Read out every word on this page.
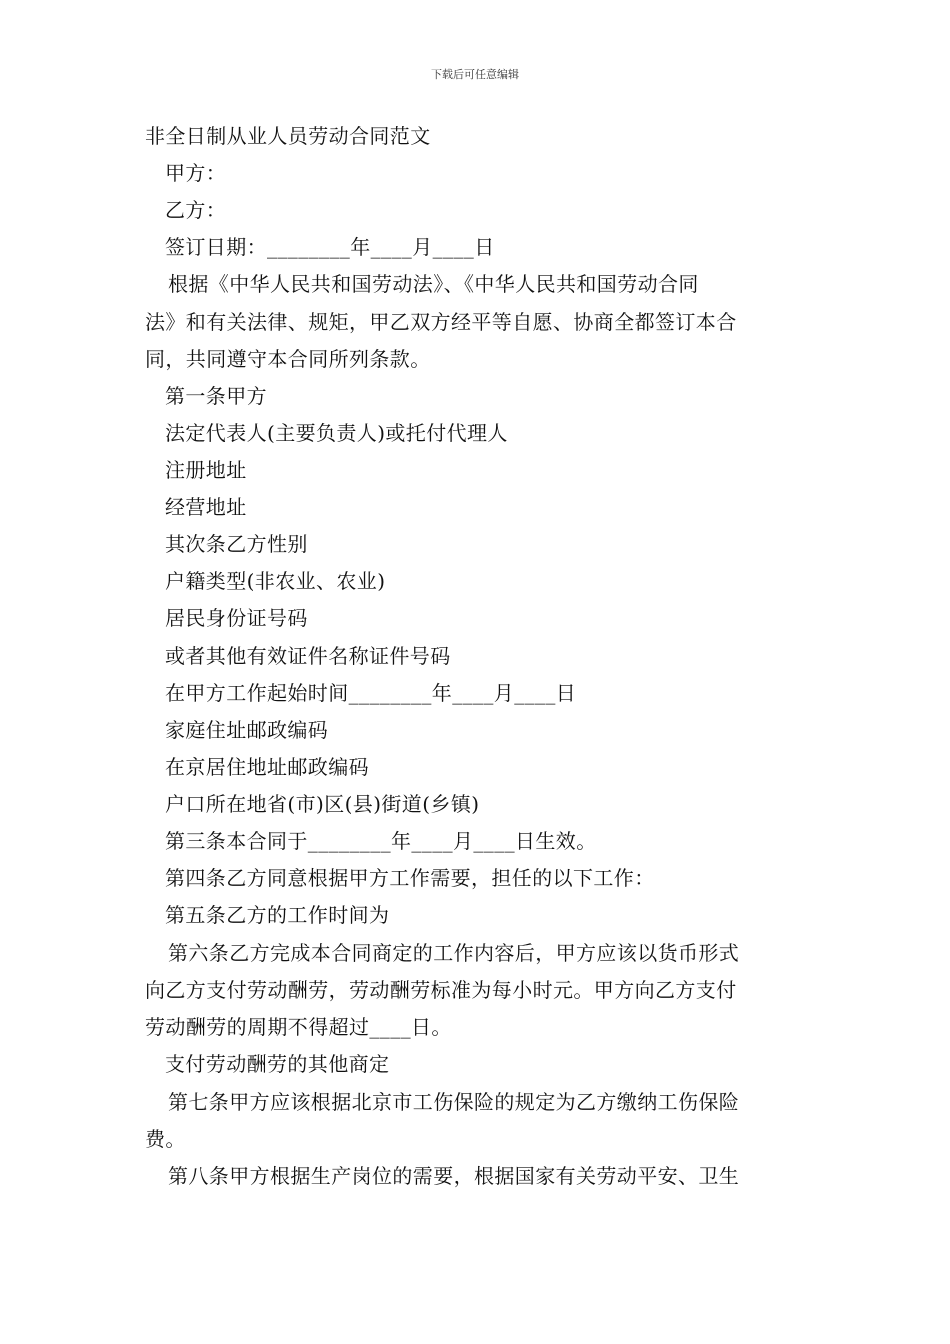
下载后可任意编辑
非全日制从业人员劳动合同范文
甲方：
乙方：
签订日期：________年____月____日
根据《中华人民共和国劳动法》、《中华人民共和国劳动合同
法》和有关法律、规矩，甲乙双方经平等自愿、协商全都签订本合
同，共同遵守本合同所列条款。
第一条甲方
法定代表人(主要负责人)或托付代理人
注册地址
经营地址
其次条乙方性别
户籍类型(非农业、农业)
居民身份证号码
或者其他有效证件名称证件号码
在甲方工作起始时间________年____月____日
家庭住址邮政编码
在京居住地址邮政编码
户口所在地省(市)区(县)街道(乡镇)
第三条本合同于________年____月____日生效。
第四条乙方同意根据甲方工作需要，担任的以下工作：
第五条乙方的工作时间为
第六条乙方完成本合同商定的工作内容后，甲方应该以货币形式
向乙方支付劳动酬劳，劳动酬劳标准为每小时元。甲方向乙方支付
劳动酬劳的周期不得超过____日。
支付劳动酬劳的其他商定
第七条甲方应该根据北京市工伤保险的规定为乙方缴纳工伤保险
费。
第八条甲方根据生产岗位的需要，根据国家有关劳动平安、卫生
